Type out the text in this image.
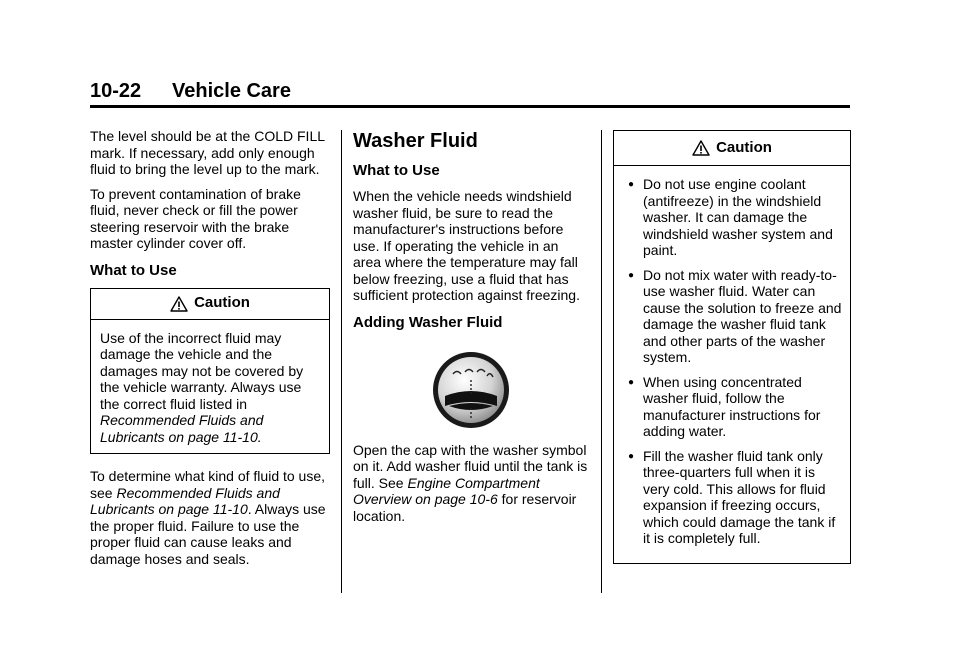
10-22 Vehicle Care

The level should be at the COLD FILL mark. If necessary, add only enough fluid to bring the level up to the mark.

To prevent contamination of brake fluid, never check or fill the power steering reservoir with the brake master cylinder cover off.

What to Use
Caution
Use of the incorrect fluid may
damage the vehicle and the
damages may not be covered by
the vehicle warranty. Always use
the correct fluid listed in
Recommended Fluids and
Lubricants on page 11-10.

To determine what kind of fluid to use, see Recommended Fluids and Lubricants on page 11-10. Always use the proper fluid. Failure to use the proper fluid can cause leaks and damage hoses and seals.

Washer Fluid
What to Use

When the vehicle needs windshield washer fluid, be sure to read the manufacturer's instructions before use. If operating the vehicle in an area where the temperature may fall below freezing, use a fluid that has sufficient protection against freezing.

Adding Washer Fluid

Open the cap with the washer symbol on it. Add washer fluid until the tank is full. See Engine Compartment Overview on page 10-6 for reservoir location.

Caution
● Do not use engine coolant (antifreeze) in the windshield washer. It can damage the windshield washer system and paint.
● Do not mix water with ready-to-use washer fluid. Water can cause the solution to freeze and damage the washer fluid tank and other parts of the washer system.
● When using concentrated washer fluid, follow the manufacturer instructions for adding water.
● Fill the washer fluid tank only three-quarters full when it is very cold. This allows for fluid expansion if freezing occurs, which could damage the tank if it is completely full.
